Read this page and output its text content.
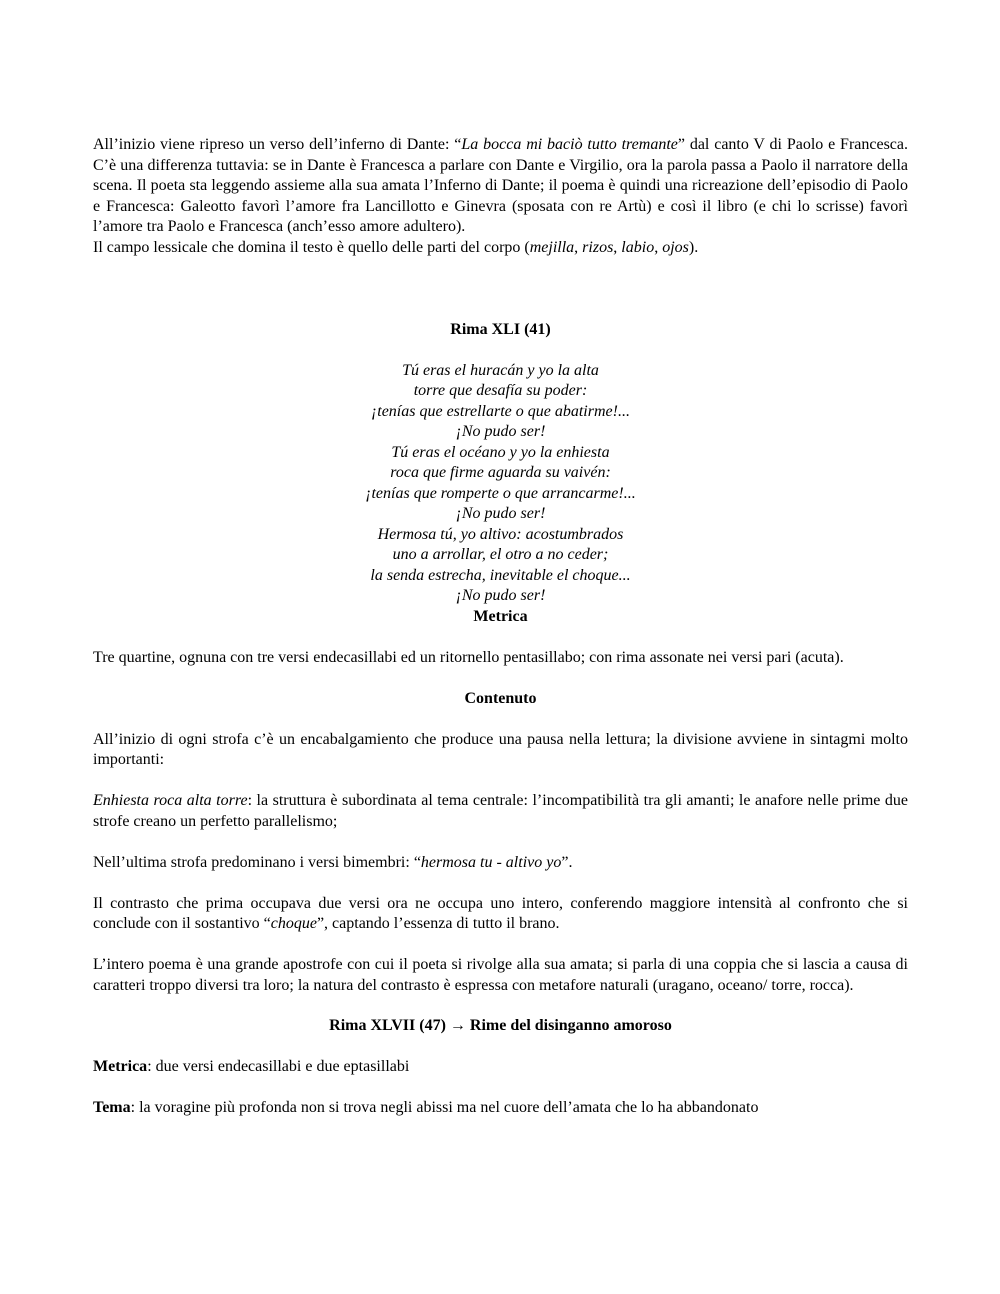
All’inizio viene ripreso un verso dell’inferno di Dante: “La bocca mi baciò tutto tremante” dal canto V di Paolo e Francesca. C’è una differenza tuttavia: se in Dante è Francesca a parlare con Dante e Virgilio, ora la parola passa a Paolo il narratore della scena. Il poeta sta leggendo assieme alla sua amata l’Inferno di Dante; il poema è quindi una ricreazione dell’episodio di Paolo e Francesca: Galeotto favorì l’amore fra Lancillotto e Ginevra (sposata con re Artù) e così il libro (e chi lo scrisse) favorì l’amore tra Paolo e Francesca (anch’esso amore adultero).

Il campo lessicale che domina il testo è quello delle parti del corpo (mejilla, rizos, labio, ojos).

Rima XLI (41)

Tú eras el huracán y yo la alta
torre que desafía su poder:
¡tenías que estrellarte o que abatirme!...
¡No pudo ser!
Tú eras el océano y yo la enhiesta
roca que firme aguarda su vaivén:
¡tenías que romperte o que arrancarme!...
¡No pudo ser!
Hermosa tú, yo altivo: acostumbrados
uno a arrollar, el otro a no ceder;
la senda estrecha, inevitable el choque...
¡No pudo ser!

Metrica

Tre quartine, ognuna con tre versi endecasillabi ed un ritornello pentasillabo; con rima assonate nei versi pari (acuta).

Contenuto

All’inizio di ogni strofa c’è un encabalgamiento che produce una pausa nella lettura; la divisione avviene in sintagmi molto importanti:

Enhiesta roca alta torre: la struttura è subordinata al tema centrale: l’incompatibilità tra gli amanti; le anafore nelle prime due strofe creano un perfetto parallelismo;

Nell’ultima strofa predominano i versi bimembri: “hermosa tu - altivo yo”.

Il contrasto che prima occupava due versi ora ne occupa uno intero, conferendo maggiore intensità al confronto che si conclude con il sostantivo “choque”, captando l’essenza di tutto il brano.

L’intero poema è una grande apostrofe con cui il poeta si rivolge alla sua amata; si parla di una coppia che si lascia a causa di caratteri troppo diversi tra loro; la natura del contrasto è espressa con metafore naturali (uragano, oceano/ torre, rocca).

Rima XLVII (47) → Rime del disinganno amoroso

Metrica: due versi endecasillabi e due eptasillabi

Tema: la voragine più profonda non si trova negli abissi ma nel cuore dell’amata che lo ha abbandonato
